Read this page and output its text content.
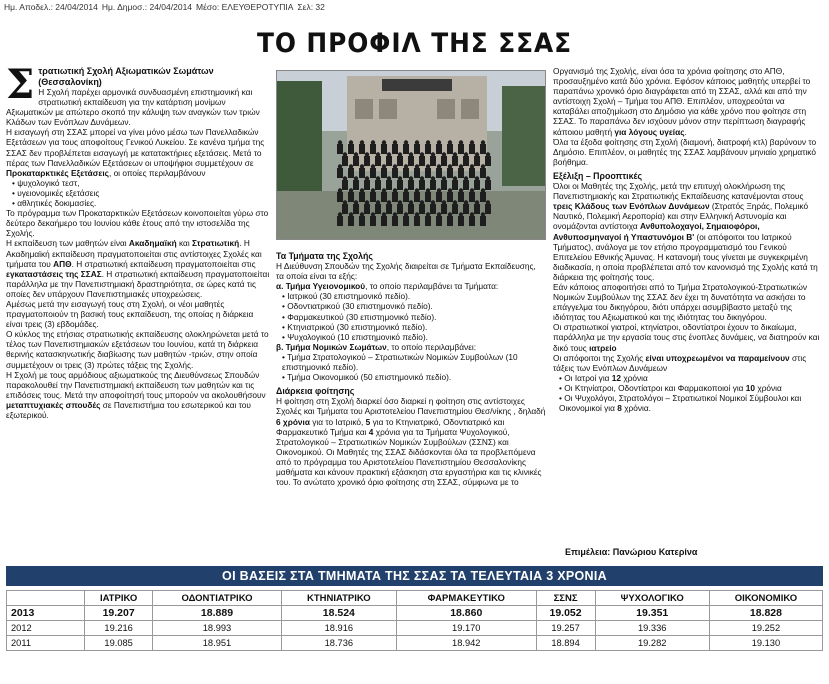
Ημ. Αποδελ.: 24/04/2014 Ημ. Δημοσ.: 24/04/2014 Μέσο: ΕΛΕΥΘΕΡΟΤΥΠΙΑ Σελ: 32
ΤΟ ΠΡΟΦΙΛ ΤΗΣ ΣΣΑΣ
Σ τρατιωτική Σχολή Αξιωματικών Σωμάτων (Θεσσαλονίκη)

Η Σχολή παρέχει αρμονικά συνδυασμένη επιστημονική και στρατιωτική εκπαίδευση για την κατάρτιση μονίμων Αξιωματικών με απώτερο σκοπό την κάλυψη των αναγκών των τριών Κλάδων των Ενόπλων Δυνάμεων.

Η εισαγωγή στη ΣΣΑΣ μπορεί να γίνει μόνο μέσω των Πανελλαδικών Εξετάσεων για τους αποφοίτους Γενικού Λυκείου. Σε κανένα τμήμα της ΣΣΑΣ δεν προβλέπεται εισαγωγή με κατατακτήριες εξετάσεις. Μετά το πέρας των Πανελλαδικών Εξετάσεων οι υποψήφιοι συμμετέχουν σε Προκαταρκτικές Εξετάσεις, οι οποίες περιλαμβάνουν

• ψυχολογικό τεστ,
• υγειονομικές εξετάσεις
• αθλητικές δοκιμασίες.

Το πρόγραμμα των Προκαταρκτικών Εξετάσεων κοινοποιείται γύρω στο δεύτερο δεκαήμερο του Ιουνίου κάθε έτους από την ιστοσελίδα της Σχολής.

Η εκπαίδευση των μαθητών είναι Ακαδημαϊκή και Στρατιωτική. Η Ακαδημαϊκή εκπαίδευση πραγματοποιείται στις αντίστοιχες Σχολές και τμήματα του ΑΠΘ. Η στρατιωτική εκπαίδευση πραγματοποιείται στις εγκαταστάσεις της ΣΣΑΣ. Η στρατιωτική εκπαίδευση πραγματοποιείται παράλληλα με την Πανεπιστημιακή δραστηριότητα, σε ώρες κατά τις οποίες δεν υπάρχουν Πανεπιστημιακές υποχρεώσεις.

Αμέσως μετά την εισαγωγή τους στη Σχολή, οι νέοι μαθητές πραγματοποιούν τη βασική τους εκπαίδευση, της οποίας η διάρκεια είναι τρεις (3) εβδομάδες.

Ο κύκλος της ετήσιας στρατιωτικής εκπαίδευσης ολοκληρώνεται μετά το τέλος των Πανεπιστημιακών εξετάσεων του Ιουνίου, κατά τη διάρκεια θερινής κατασκηνωτικής διαβίωσης των μαθητών -τριών, στην οποία συμμετέχουν οι τρεις (3) πρώτες τάξεις της Σχολής.

Η Σχολή με τους αρμόδιους αξιωματικούς της Διευθύνσεως Σπουδών παρακολουθεί την Πανεπιστημιακή εκπαίδευση των μαθητών και τις επιδόσεις τους. Μετά την αποφοίτησή τους μπορούν να ακολουθήσουν μεταπτυχιακές σπουδές σε Πανεπιστήμια του εσωτερικού και του εξωτερικού.

Τα Τμήματα της Σχολής

Η Διεύθυνση Σπουδών της Σχολής διαιρείται σε Τμήματα Εκπαίδευσης, τα οποία είναι τα εξής:

α. Τμήμα Υγειονομικού, το οποίο περιλαμβάνει τα Τμήματα:

• Ιατρικού (30 επιστημονικό πεδίο).
• Οδοντιατρικού (30 επιστημονικό πεδίο).
• Φαρμακευτικού (30 επιστημονικό πεδίο).
• Κτηνιατρικού (30 επιστημονικό πεδίο).
• Ψυχολογικού (10 επιστημονικό πεδίο).

β. Τμήμα Νομικών Σωμάτων, το οποίο περιλαμβάνει:

• Τμήμα Στρατολογικού – Στρατιωτικών Νομικών Συμβούλων (10 επιστημονικό πεδίο).
• Τμήμα Οικονομικού (50 επιστημονικό πεδίο).

Διάρκεια φοίτησης

Η φοίτηση στη Σχολή διαρκεί όσο διαρκεί η φοίτηση στις αντίστοιχες Σχολές και Τμήματα του Αριστοτελείου Πανεπιστημίου Θεσ/νίκης , δηλαδή 6 χρόνια για το Ιατρικό, 5 για το Κτηνιατρικό, Οδοντιατρικό και Φαρμακευτικό Τμήμα και 4 χρόνια για τα Τμήματα Ψυχολογικού, Στρατολογικού – Στρατιωτικών Νομικών Συμβούλων (ΣΣΝΣ) και Οικονομικού. Οι Μαθητές της ΣΣΑΣ διδάσκονται όλα τα προβλεπόμενα από το πρόγραμμα του Αριστοτελείου Πανεπιστημίου Θεσσαλονίκης μαθήματα και κάνουν πρακτική εξάσκηση στα εργαστήρια και τις κλινικές του. Το ανώτατο χρονικό όριο φοίτησης στη ΣΣΑΣ, σύμφωνα με το

Οργανισμό της Σχολής, είναι όσα τα χρόνια φοίτησης στο ΑΠΘ, προσαυξημένο κατά δύο χρόνια. Εφόσον κάποιος μαθητής υπερβεί το παραπάνω χρονικό όριο διαγράφεται από τη ΣΣΑΣ, αλλά και από την αντίστοιχη Σχολή – Τμήμα του ΑΠΘ. Επιπλέον, υποχρεούται να καταβάλει αποζημίωση στο Δημόσιο για κάθε χρόνο που φοίτησε στη ΣΣΑΣ. Το παραπάνω δεν ισχύουν μόνον στην περίπτωση διαγραφής κάποιου μαθητή για λόγους υγείας.

Όλα τα έξοδα φοίτησης στη Σχολή (διαμονή, διατροφή κτλ) βαρύνουν το Δημόσιο. Επιπλέον, οι μαθητές της ΣΣΑΣ λαμβάνουν μηνιαίο χρηματικό βοήθημα.

Εξέλιξη – Προοπτικές

Όλοι οι Μαθητές της Σχολής, μετά την επιτυχή ολοκλήρωση της Πανεπιστημιακής και Στρατιωτικής Εκπαίδευσης κατανέμονται στους τρεις Κλάδους των Ενόπλων Δυνάμεων (Στρατός Ξηράς, Πολεμικό Ναυτικό, Πολεμική Αεροπορία) και στην Ελληνική Αστυνομία και ονομάζονται αντίστοιχα Ανθυπολοχαγοί, Σημαιοφόροι, Ανθυποσμηναγοί ή Υπαστυνόμοι Β' (οι απόφοιτοι του Ιατρικού Τμήματος), ανάλογα με τον ετήσιο προγραμματισμό του Γενικού Επιτελείου Εθνικής Άμυνας. Η κατανομή τους γίνεται με συγκεκριμένη διαδικασία, η οποία προβλέπεται από τον κανονισμό της Σχολής κατά τη διάρκεια της φοίτησής τους.

Εάν κάποιος αποφοιτήσει από το Τμήμα Στρατολογικού-Στρατιωτικών Νομικών Συμβούλων της ΣΣΑΣ δεν έχει τη δυνατότητα να ασκήσει το επάγγελμα του δικηγόρου, διότι υπάρχει ασυμβίβαστο μεταξύ της ιδιότητας του Αξιωματικού και της ιδιότητας του δικηγόρου.

Οι στρατιωτικοί γιατροί, κτηνίατροι, οδοντίατροι έχουν το δικαίωμα, παράλληλα με την εργασία τους στις ένοπλες δυνάμεις, να διατηρούν και δικό τους ιατρείο

Οι απόφοιτοι της Σχολής είναι υποχρεωμένοι να παραμείνουν στις τάξεις των Ενόπλων Δυνάμεων

• Οι Ιατροί για 12 χρόνια
• Οι Κτηνίατροι, Οδοντίατροι και Φαρμακοποιοί για 10 χρόνια
• Οι Ψυχολόγοι, Στρατολόγοι – Στρατιωτικοί Νομικοί Σύμβουλοι και Οικονομικοί για 8 χρόνια.
Επιμέλεια: Πανώριου Κατερίνα
ΟΙ ΒΑΣΕΙΣ ΣΤΑ ΤΜΗΜΑΤΑ ΤΗΣ ΣΣΑΣ ΤΑ ΤΕΛΕΥΤΑΙΑ 3 ΧΡΟΝΙΑ
	ΙΑΤΡΙΚΟ	ΟΔΟΝΤΙΑΤΡΙΚΟ	ΚΤΗΝΙΑΤΡΙΚΟ	ΦΑΡΜΑΚΕΥΤΙΚΟ	ΣΣΝΣ	ΨΥΧΟΛΟΓΙΚΟ	ΟΙΚΟΝΟΜΙΚΟ
2013	19.207	18.889	18.524	18.860	19.052	19.351	18.828
2012	19.216	18.993	18.916	19.170	19.257	19.336	19.252
2011	19.085	18.951	18.736	18.942	18.894	19.282	19.130
